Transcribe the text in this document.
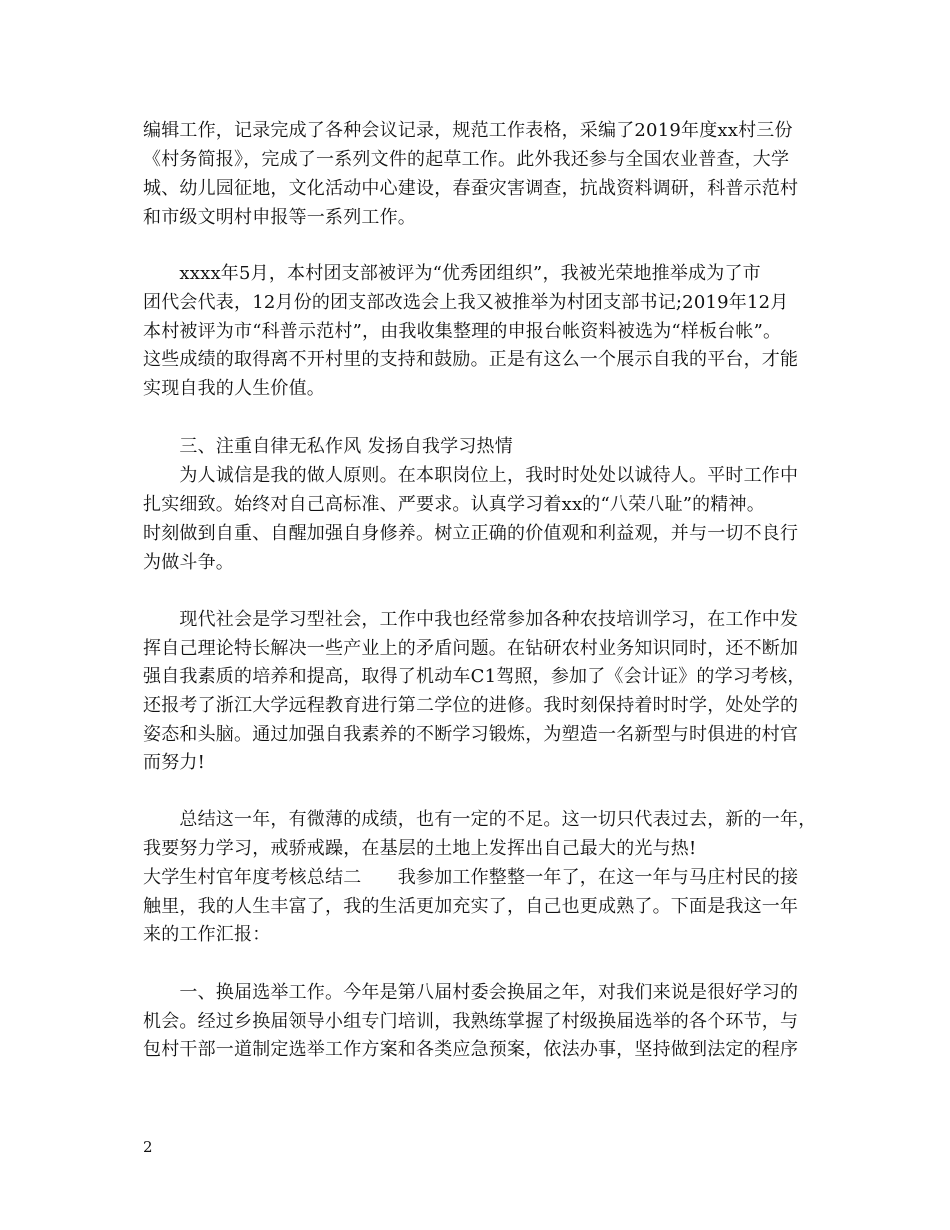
编辑工作，记录完成了各种会议记录，规范工作表格，采编了2019年度xx村三份
《村务简报》，完成了一系列文件的起草工作。此外我还参与全国农业普查，大学
城、幼儿园征地，文化活动中心建设，春蚕灾害调查，抗战资料调研，科普示范村
和市级文明村申报等一系列工作。
　　xxxx年5月，本村团支部被评为“优秀团组织”，我被光荣地推举成为了市
团代会代表，12月份的团支部改选会上我又被推举为村团支部书记;2019年12月
本村被评为市“科普示范村”，由我收集整理的申报台帐资料被选为“样板台帐”。
这些成绩的取得离不开村里的支持和鼓励。正是有这么一个展示自我的平台，才能
实现自我的人生价值。
　　三、注重自律无私作风 发扬自我学习热情
　　为人诚信是我的做人原则。在本职岗位上，我时时处处以诚待人。平时工作中
扎实细致。始终对自己高标准、严要求。认真学习着xx的“八荣八耻”的精神。
时刻做到自重、自醒加强自身修养。树立正确的价值观和利益观，并与一切不良行
为做斗争。
　　现代社会是学习型社会，工作中我也经常参加各种农技培训学习，在工作中发
挥自己理论特长解决一些产业上的矛盾问题。在钻研农村业务知识同时，还不断加
强自我素质的培养和提高，取得了机动车C1驾照，参加了《会计证》的学习考核，
还报考了浙江大学远程教育进行第二学位的进修。我时刻保持着时时学，处处学的
姿态和头脑。通过加强自我素养的不断学习锻炼，为塑造一名新型与时俱进的村官
而努力!
　　总结这一年，有微薄的成绩，也有一定的不足。这一切只代表过去，新的一年，
我要努力学习，戒骄戒躁，在基层的土地上发挥出自己最大的光与热!
大学生村官年度考核总结二　　我参加工作整整一年了，在这一年与马庄村民的接
触里，我的人生丰富了，我的生活更加充实了，自己也更成熟了。下面是我这一年
来的工作汇报：
　　一、换届选举工作。今年是第八届村委会换届之年，对我们来说是很好学习的
机会。经过乡换届领导小组专门培训，我熟练掌握了村级换届选举的各个环节，与
包村干部一道制定选举工作方案和各类应急预案，依法办事，坚持做到法定的程序
2
